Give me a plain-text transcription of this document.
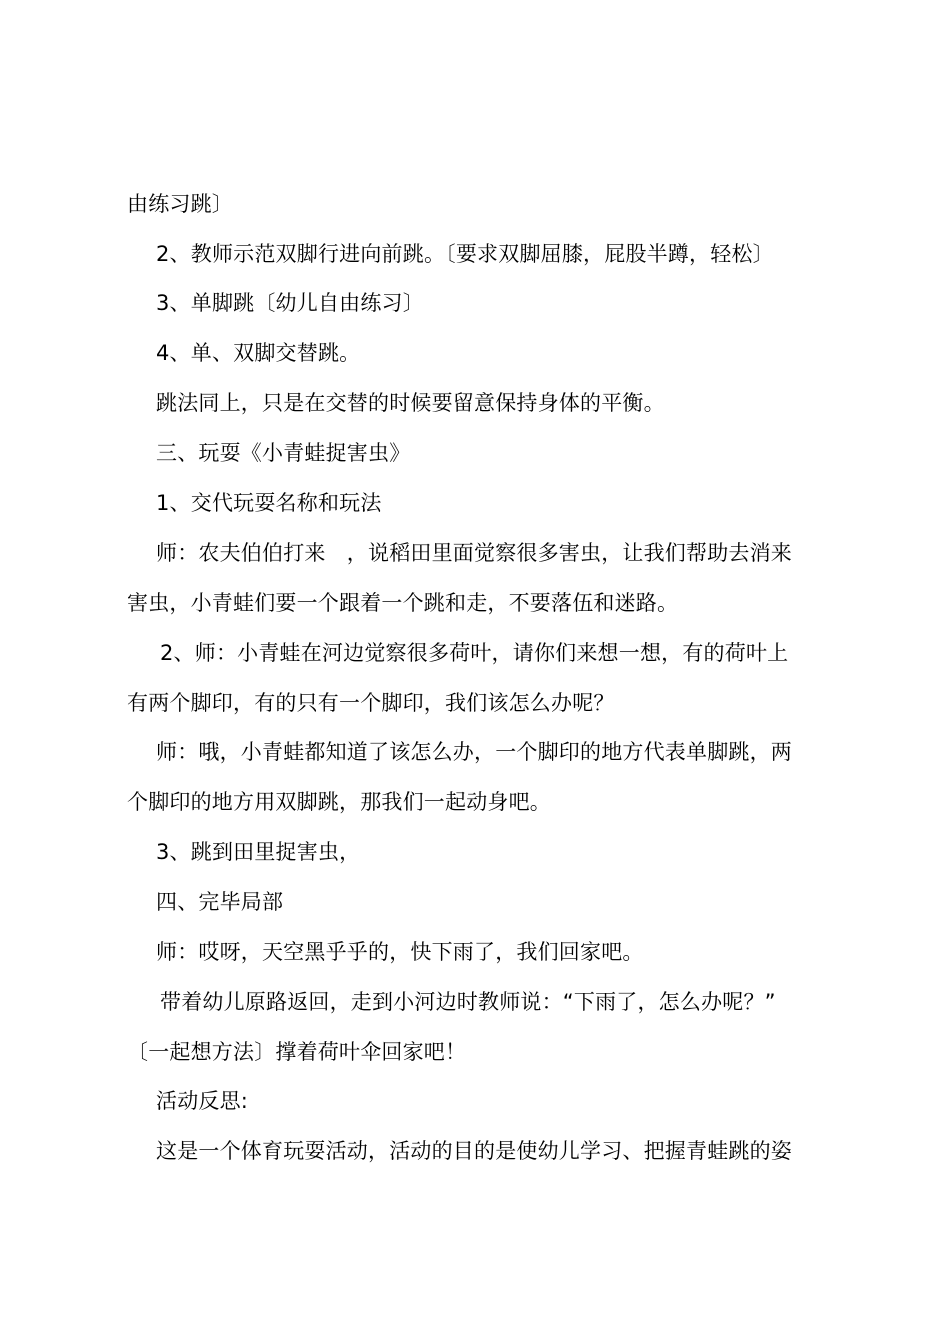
由练习跳〕
2、教师示范双脚行进向前跳。〔要求双脚屈膝，屁股半蹲，轻松〕
3、单脚跳〔幼儿自由练习〕
4、单、双脚交替跳。
跳法同上，只是在交替的时候要留意保持身体的平衡。
三、玩耍《小青蛙捉害虫》
1、交代玩耍名称和玩法
师：农夫伯伯打来　，说稻田里面觉察很多害虫，让我们帮助去消来
害虫，小青蛙们要一个跟着一个跳和走，不要落伍和迷路。
2、师：小青蛙在河边觉察很多荷叶，请你们来想一想，有的荷叶上
有两个脚印，有的只有一个脚印，我们该怎么办呢？
师：哦，小青蛙都知道了该怎么办，一个脚印的地方代表单脚跳，两
个脚印的地方用双脚跳，那我们一起动身吧。
3、跳到田里捉害虫，
四、完毕局部
师：哎呀，天空黑乎乎的，快下雨了，我们回家吧。
带着幼儿原路返回，走到小河边时教师说：“下雨了，怎么办呢？”
〔一起想方法〕撑着荷叶伞回家吧！
活动反思:
这是一个体育玩耍活动，活动的目的是使幼儿学习、把握青蛙跳的姿
